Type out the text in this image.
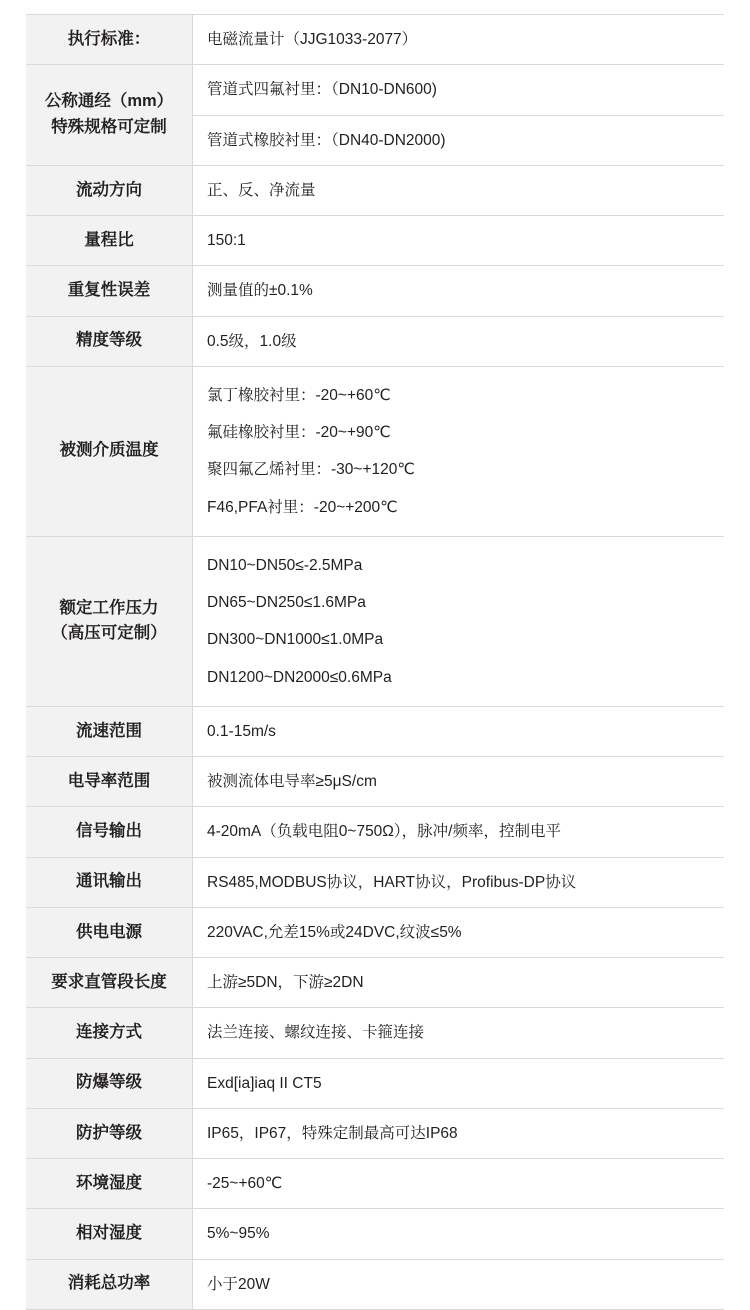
执行标准：	电磁流量计（JJG1033-2077）

公称通经（mm）
特殊规格可定制	管道式四氟衬里：（DN10-DN600)
管道式橡胶衬里：（DN40-DN2000)

流动方向	正、反、净流量

量程比	150:1

重复性误差	测量值的±0.1%

精度等级	0.5级，1.0级

被测介质温度	氯丁橡胶衬里：-20~+60℃
氟硅橡胶衬里：-20~+90℃
聚四氟乙烯衬里：-30~+120℃
F46,PFA衬里：-20~+200℃

额定工作压力
（高压可定制）	DN10~DN50≤-2.5MPa
DN65~DN250≤1.6MPa
DN300~DN1000≤1.0MPa
DN1200~DN2000≤0.6MPa

流速范围	0.1-15m/s

电导率范围	被测流体电导率≥5μS/cm

信号输出	4-20mA（负载电阻0~750Ω），脉冲/频率，控制电平

通讯输出	RS485,MODBUS协议，HART协议，Profibus-DP协议

供电电源	220VAC,允差15%或24DVC,纹波≤5%

要求直管段长度	上游≥5DN，下游≥2DN

连接方式	法兰连接、螺纹连接、卡箍连接

防爆等级	Exd[ia]iaq II CT5

防护等级	IP65，IP67，特殊定制最高可达IP68

环境湿度	-25~+60℃

相对湿度	5%~95%

消耗总功率	小于20W
